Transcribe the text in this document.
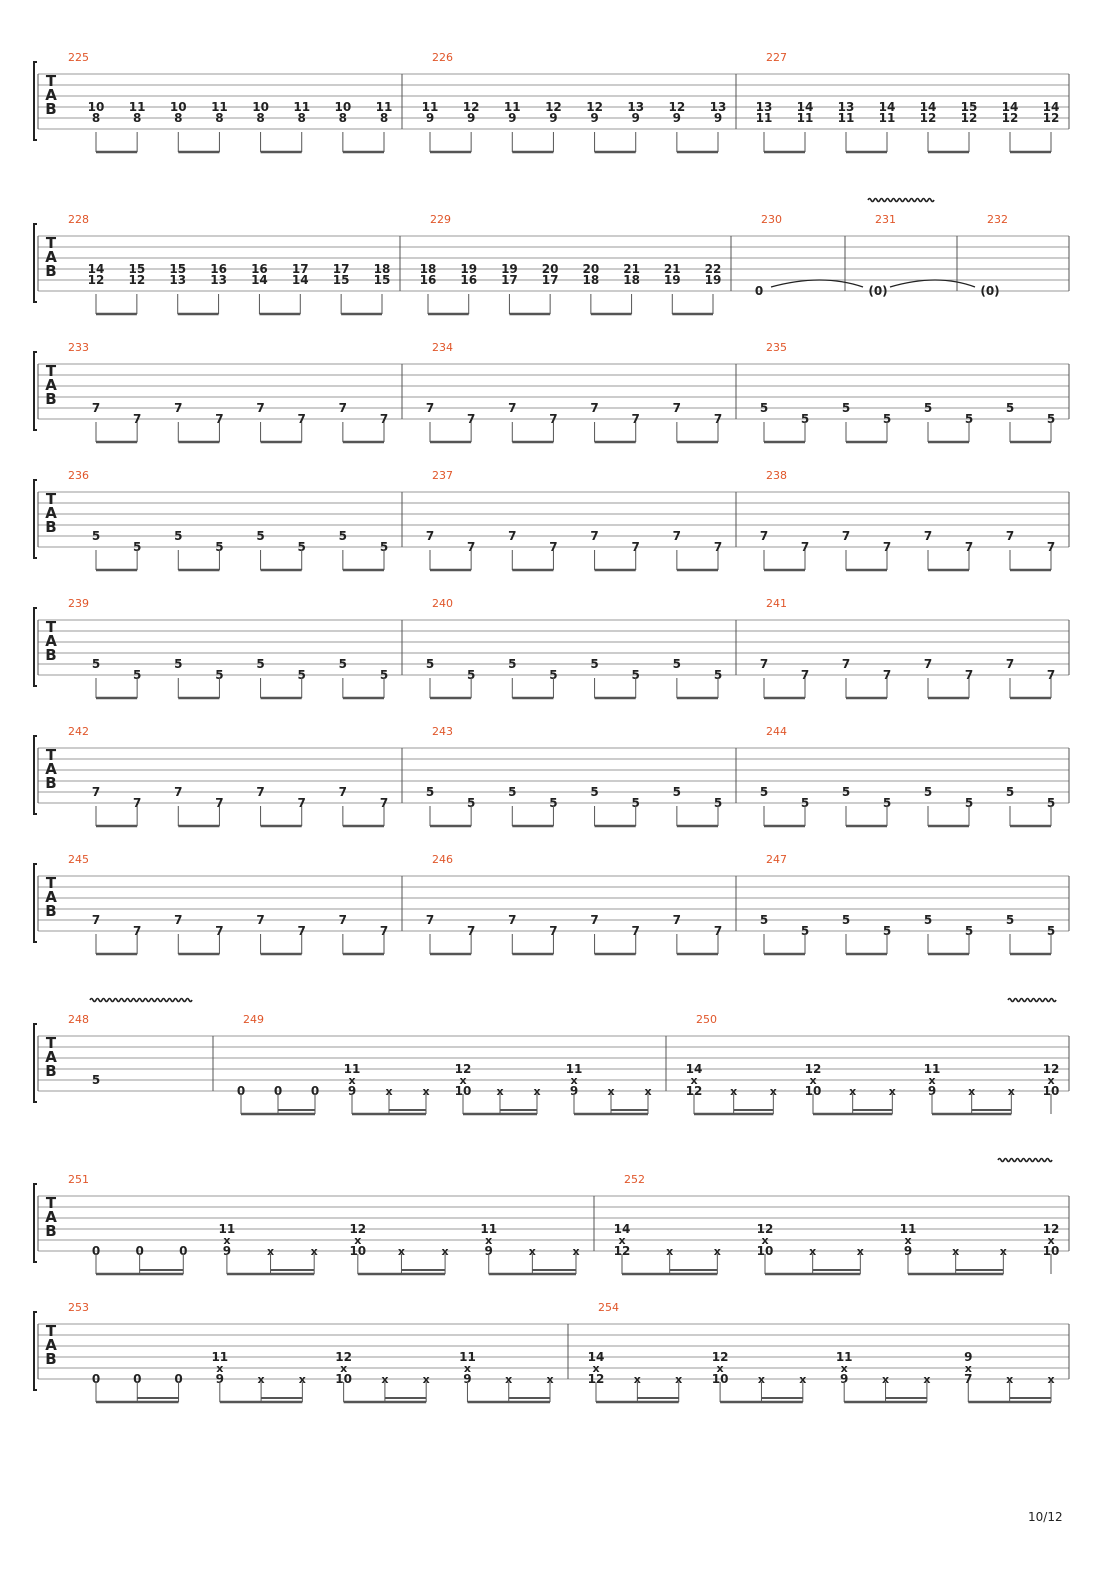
T
A
B
225
10
8
11
8
10
8
11
8
10
8
11
8
10
8
11
8
226
11
9
12
9
11
9
12
9
12
9
13
9
12
9
13
9
227
13
11
14
11
13
11
14
11
14
12
15
12
14
12
14
12
T
A
B
228
14
12
15
12
15
13
16
13
16
14
17
14
17
15
18
15
229
18
16
19
16
19
17
20
17
20
18
21
18
21
19
22
19
230
0
231
(0)
232
(0)
T
A
B
233
7
7
7
7
7
7
7
7
234
7
7
7
7
7
7
7
7
235
5
5
5
5
5
5
5
5
T
A
B
236
5
5
5
5
5
5
5
5
237
7
7
7
7
7
7
7
7
238
7
7
7
7
7
7
7
7
T
A
B
239
5
5
5
5
5
5
5
5
240
5
5
5
5
5
5
5
5
241
7
7
7
7
7
7
7
7
T
A
B
242
7
7
7
7
7
7
7
7
243
5
5
5
5
5
5
5
5
244
5
5
5
5
5
5
5
5
T
A
B
245
7
7
7
7
7
7
7
7
246
7
7
7
7
7
7
7
7
247
5
5
5
5
5
5
5
5
T
A
B
248
5
249
0 0 0
11
x
9	x	x
12
x
10 x	x
11
x
9	x	x
250
14
x
12	x	x
12
x
10	x	x
11
x
9	x	x
12
x
10
T
A
B
251
0	0	0
11
x
9	x	x
12
x
10	x	x
11
x
9	x	x
252
14
x
12	x	x
12
x
10	x	x
11
x
9	x	x
12
x
10
T
A
B
253
0	0	0
11
x
9	x	x
12
x
10	x	x
11
x
9	x	x
254
14
x
12	x	x
12
x
10	x	x
11
x
9	x	x
9
x
7	x	x
10/12
